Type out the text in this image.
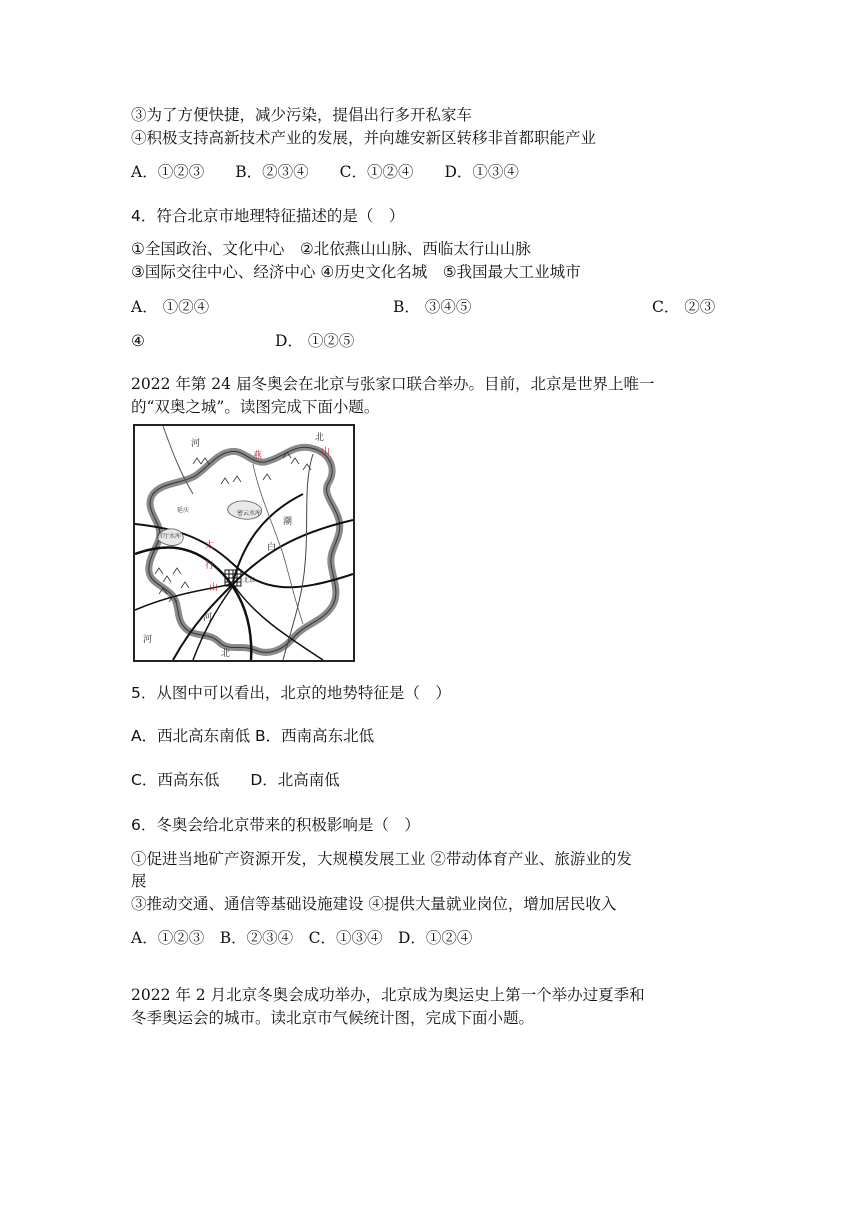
③为了方便快捷，减少污染，提倡出行多开私家车
④积极支持高新技术产业的发展，并向雄安新区转移非首都职能产业
A．①②③　　B．②③④　　C．①②④　　D．①③④
4．符合北京市地理特征描述的是（　）
①全国政治、文化中心　②北依燕山山脉、西临太行山山脉
③国际交往中心、经济中心 ④历史文化名城　⑤我国最大工业城市
A． ①②④	B． ③④⑤	C． ②③
④	D． ①②⑤
2022 年第 24 届冬奥会在北京与张家口联合举办。目前，北京是世界上唯一
的“双奥之城”。读图完成下面小题。
河
北
燕	山
密云水库
延庆
官厅水库
太
行
山
北京
潮
白
河
北
河
5．从图中可以看出，北京的地势特征是（　）
A．西北高东南低 B．西南高东北低
C．西高东低　　D．北高南低
6．冬奥会给北京带来的积极影响是（　）
①促进当地矿产资源开发，大规模发展工业 ②带动体育产业、旅游业的发
展
③推动交通、通信等基础设施建设 ④提供大量就业岗位，增加居民收入
A．①②③　B．②③④　C．①③④　D．①②④
2022 年 2 月北京冬奥会成功举办，北京成为奥运史上第一个举办过夏季和
冬季奥运会的城市。读北京市气候统计图，完成下面小题。
